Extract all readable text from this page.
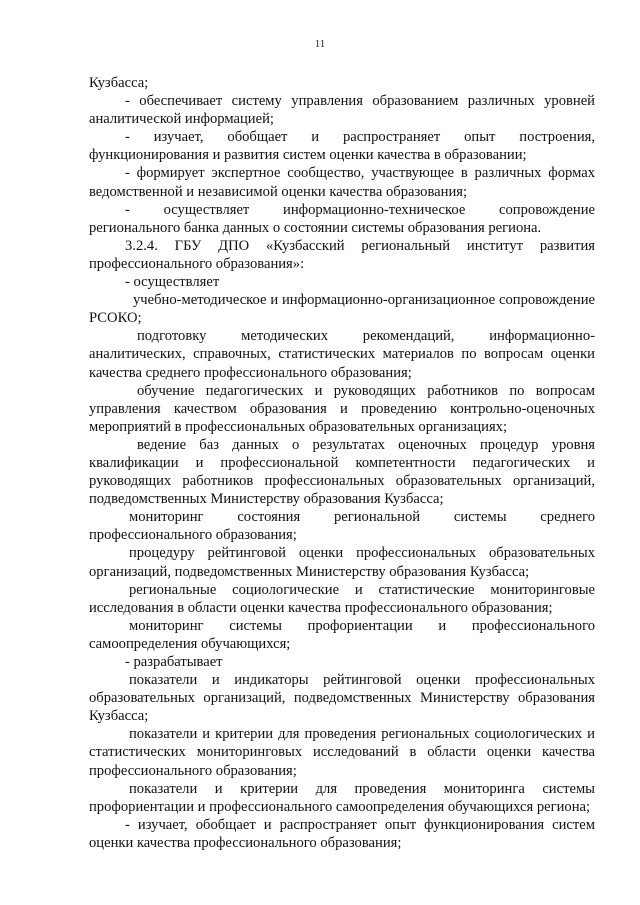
11

Кузбасса;

- обеспечивает систему управления образованием различных уровней аналитической информацией;

- изучает, обобщает и распространяет опыт построения, функционирования и развития систем оценки качества в образовании;

- формирует экспертное сообщество, участвующее в различных формах ведомственной и независимой оценки качества образования;

- осуществляет информационно-техническое сопровождение регионального банка данных о состоянии системы образования региона.

3.2.4. ГБУ ДПО «Кузбасский региональный институт развития профессионального образования»:

- осуществляет

учебно-методическое и информационно-организационное сопровождение РСОКО;

подготовку методических рекомендаций, информационно-аналитических, справочных, статистических материалов по вопросам оценки качества среднего профессионального образования;

обучение педагогических и руководящих работников по вопросам управления качеством образования и проведению контрольно-оценочных мероприятий в профессиональных образовательных организациях;

ведение баз данных о результатах оценочных процедур уровня квалификации и профессиональной компетентности педагогических и руководящих работников профессиональных образовательных организаций, подведомственных Министерству образования Кузбасса;

мониторинг состояния региональной системы среднего профессионального образования;

процедуру рейтинговой оценки профессиональных образовательных организаций, подведомственных Министерству образования Кузбасса;

региональные социологические и статистические мониторинговые исследования в области оценки качества профессионального образования;

мониторинг системы профориентации и профессионального самоопределения обучающихся;

- разрабатывает

показатели и индикаторы рейтинговой оценки профессиональных образовательных организаций, подведомственных Министерству образования Кузбасса;

показатели и критерии для проведения региональных социологических и статистических мониторинговых исследований в области оценки качества профессионального образования;

показатели и критерии для проведения мониторинга системы профориентации и профессионального самоопределения обучающихся региона;

- изучает, обобщает и распространяет опыт функционирования систем оценки качества профессионального образования;
